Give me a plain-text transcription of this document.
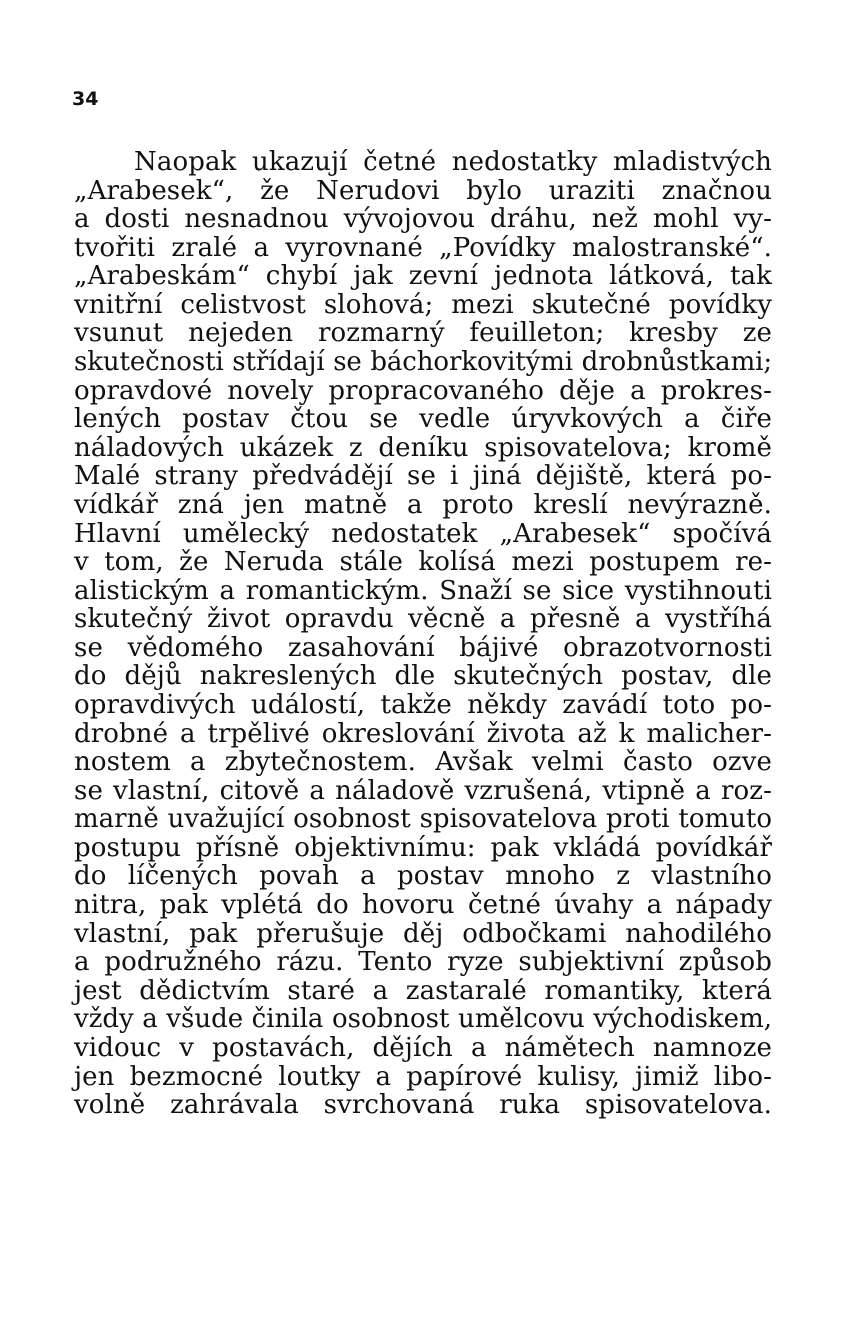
34
Naopak ukazují četné nedostatky mladistvých
„Arabesek“, že Nerudovi bylo uraziti značnou
a dosti nesnadnou vývojovou dráhu, než mohl vy-
tvořiti zralé a vyrovnané „Povídky malostranské“.
„Arabeskám“ chybí jak zevní jednota látková, tak
vnitřní celistvost slohová; mezi skutečné povídky
vsunut nejeden rozmarný feuilleton; kresby ze
skutečnosti střídají se báchorkovitými drobnůstkami;
opravdové novely propracovaného děje a prokres-
lených postav čtou se vedle úryvkových a čiře
náladových ukázek z deníku spisovatelova; kromě
Malé strany předvádějí se i jiná dějiště, která po-
vídkář zná jen matně a proto kreslí nevýrazně.
Hlavní umělecký nedostatek „Arabesek“ spočívá
v tom, že Neruda stále kolísá mezi postupem re-
alistickým a romantickým. Snaží se sice vystihnouti
skutečný život opravdu věcně a přesně a vystříhá
se vědomého zasahování bájivé obrazotvornosti
do dějů nakreslených dle skutečných postav, dle
opravdivých událostí, takže někdy zavádí toto po-
drobné a trpělivé okreslování života až k malicher-
nostem a zbytečnostem. Avšak velmi často ozve
se vlastní, citově a náladově vzrušená, vtipně a roz-
marně uvažující osobnost spisovatelova proti tomuto
postupu přísně objektivnímu: pak vkládá povídkář
do líčených povah a postav mnoho z vlastního
nitra, pak vplétá do hovoru četné úvahy a nápady
vlastní, pak přerušuje děj odbočkami nahodilého
a podružného rázu. Tento ryze subjektivní způsob
jest dědictvím staré a zastaralé romantiky, která
vždy a všude činila osobnost umělcovu východiskem,
vidouc v postavách, dějích a námětech namnoze
jen bezmocné loutky a papírové kulisy, jimiž libo-
volně zahrávala svrchovaná ruka spisovatelova.
